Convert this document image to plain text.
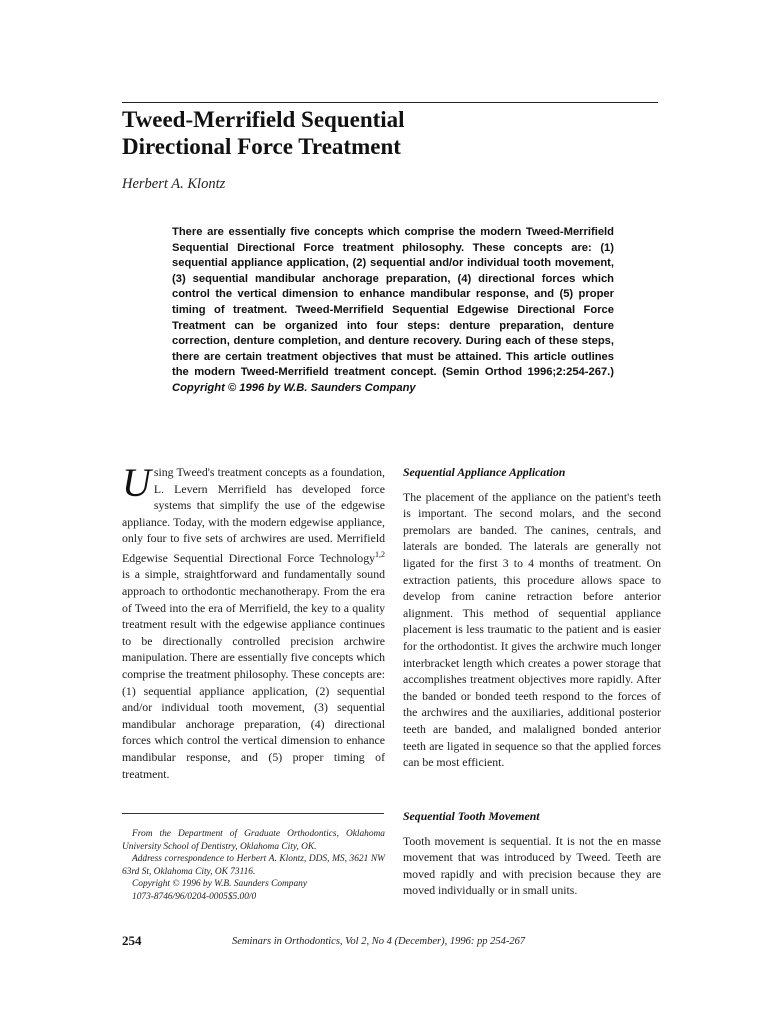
Tweed-Merrifield Sequential
Directional Force Treatment

Herbert A. Klontz

There are essentially five concepts which comprise the modern Tweed-Merrifield Sequential Directional Force treatment philosophy. These concepts are: (1) sequential appliance application, (2) sequential and/or individual tooth movement, (3) sequential mandibular anchorage preparation, (4) directional forces which control the vertical dimension to enhance mandibular response, and (5) proper timing of treatment. Tweed-Merrifield Sequential Edgewise Directional Force Treatment can be organized into four steps: denture preparation, denture correction, denture completion, and denture recovery. During each of these steps, there are certain treatment objectives that must be attained. This article outlines the modern Tweed-Merrifield treatment concept. (Semin Orthod 1996;2:254-267.) Copyright © 1996 by W.B. Saunders Company

U sing Tweed's treatment concepts as a foundation, L. Levern Merrifield has developed force systems that simplify the use of the edgewise appliance. Today, with the modern edgewise appliance, only four to five sets of archwires are used. Merrifield Edgewise Sequential Directional Force Technology$^{1,2}$ is a simple, straightforward and fundamentally sound approach to orthodontic mechanotherapy. From the era of Tweed into the era of Merrifield, the key to a quality treatment result with the edgewise appliance continues to be directionally controlled precision archwire manipulation. There are essentially five concepts which comprise the treatment philosophy. These concepts are: (1) sequential appliance application, (2) sequential and/or individual tooth movement, (3) sequential mandibular anchorage preparation, (4) directional forces which control the vertical dimension to enhance mandibular response, and (5) proper timing of treatment.

Sequential Appliance Application

The placement of the appliance on the patient's teeth is important. The second molars, and the second premolars are banded. The canines, centrals, and laterals are bonded. The laterals are generally not ligated for the first 3 to 4 months of treatment. On extraction patients, this procedure allows space to develop from canine retraction before anterior alignment. This method of sequential appliance placement is less traumatic to the patient and is easier for the orthodontist. It gives the archwire much longer interbracket length which creates a power storage that accomplishes treatment objectives more rapidly. After the banded or bonded teeth respond to the forces of the archwires and the auxiliaries, additional posterior teeth are banded, and malaligned bonded anterior teeth are ligated in sequence so that the applied forces can be most efficient.

Sequential Tooth Movement

Tooth movement is sequential. It is not the en masse movement that was introduced by Tweed. Teeth are moved rapidly and with precision because they are moved individually or in small units.

From the Department of Graduate Orthodontics, Oklahoma University School of Dentistry, Oklahoma City, OK.

Address correspondence to Herbert A. Klontz, DDS, MS, 3621 NW 63rd St, Oklahoma City, OK 73116.

Copyright © 1996 by W.B. Saunders Company

1073-8746/96/0204-0005$5.00/0

254	Seminars in Orthodontics, Vol 2, No 4 (December), 1996: pp 254-267
